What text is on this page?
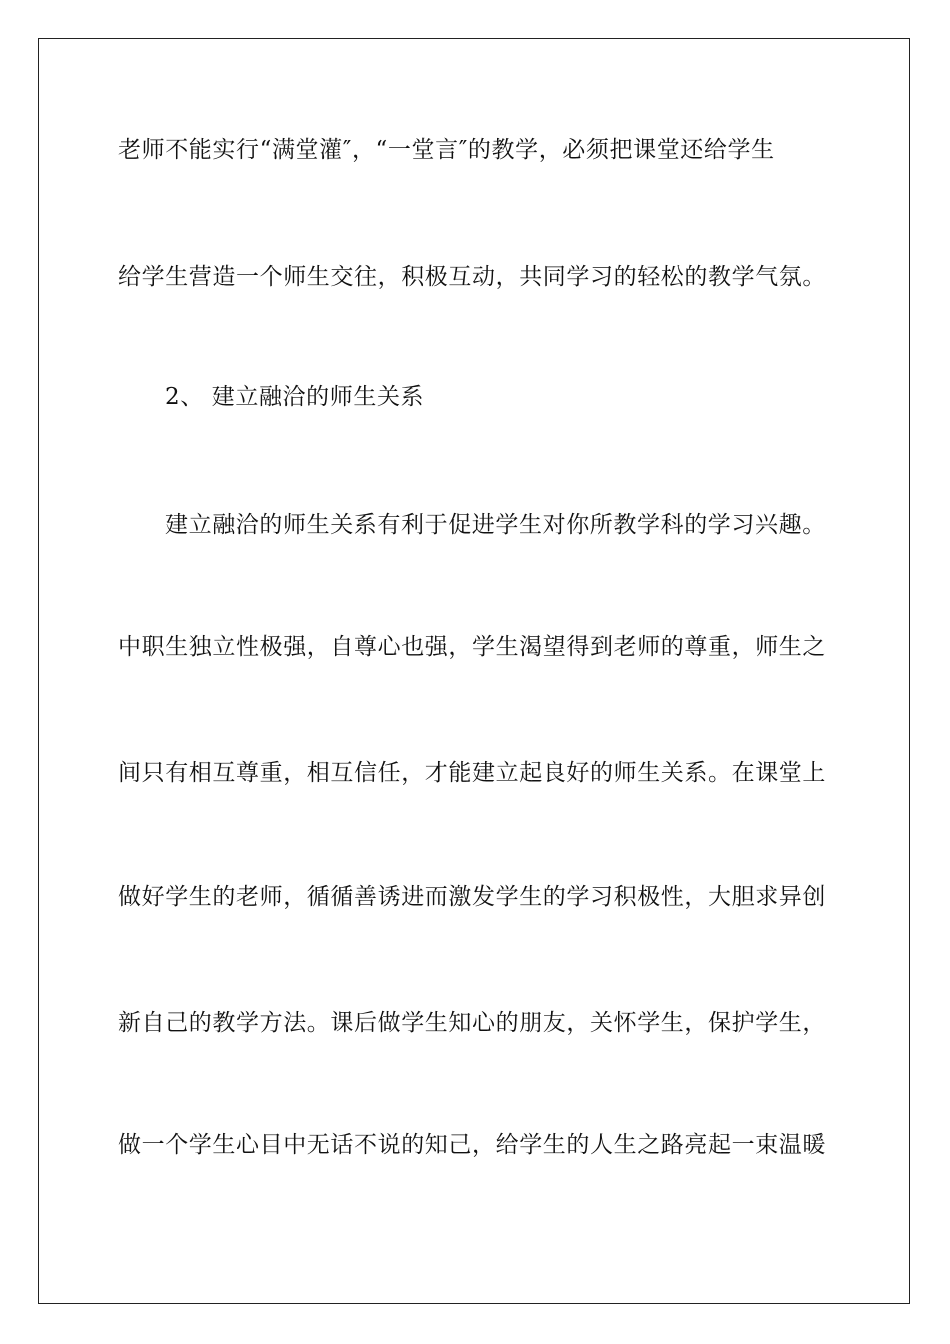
老师不能实行“满堂灌″，“一堂言″的教学，必须把课堂还给学生
给学生营造一个师生交往，积极互动，共同学习的轻松的教学气氛。
2、 建立融洽的师生关系
建立融洽的师生关系有利于促进学生对你所教学科的学习兴趣。
中职生独立性极强，自尊心也强，学生渴望得到老师的尊重，师生之
间只有相互尊重，相互信任，才能建立起良好的师生关系。在课堂上
做好学生的老师，循循善诱进而激发学生的学习积极性，大胆求异创
新自己的教学方法。课后做学生知心的朋友，关怀学生，保护学生，
做一个学生心目中无话不说的知己，给学生的人生之路亮起一束温暖
